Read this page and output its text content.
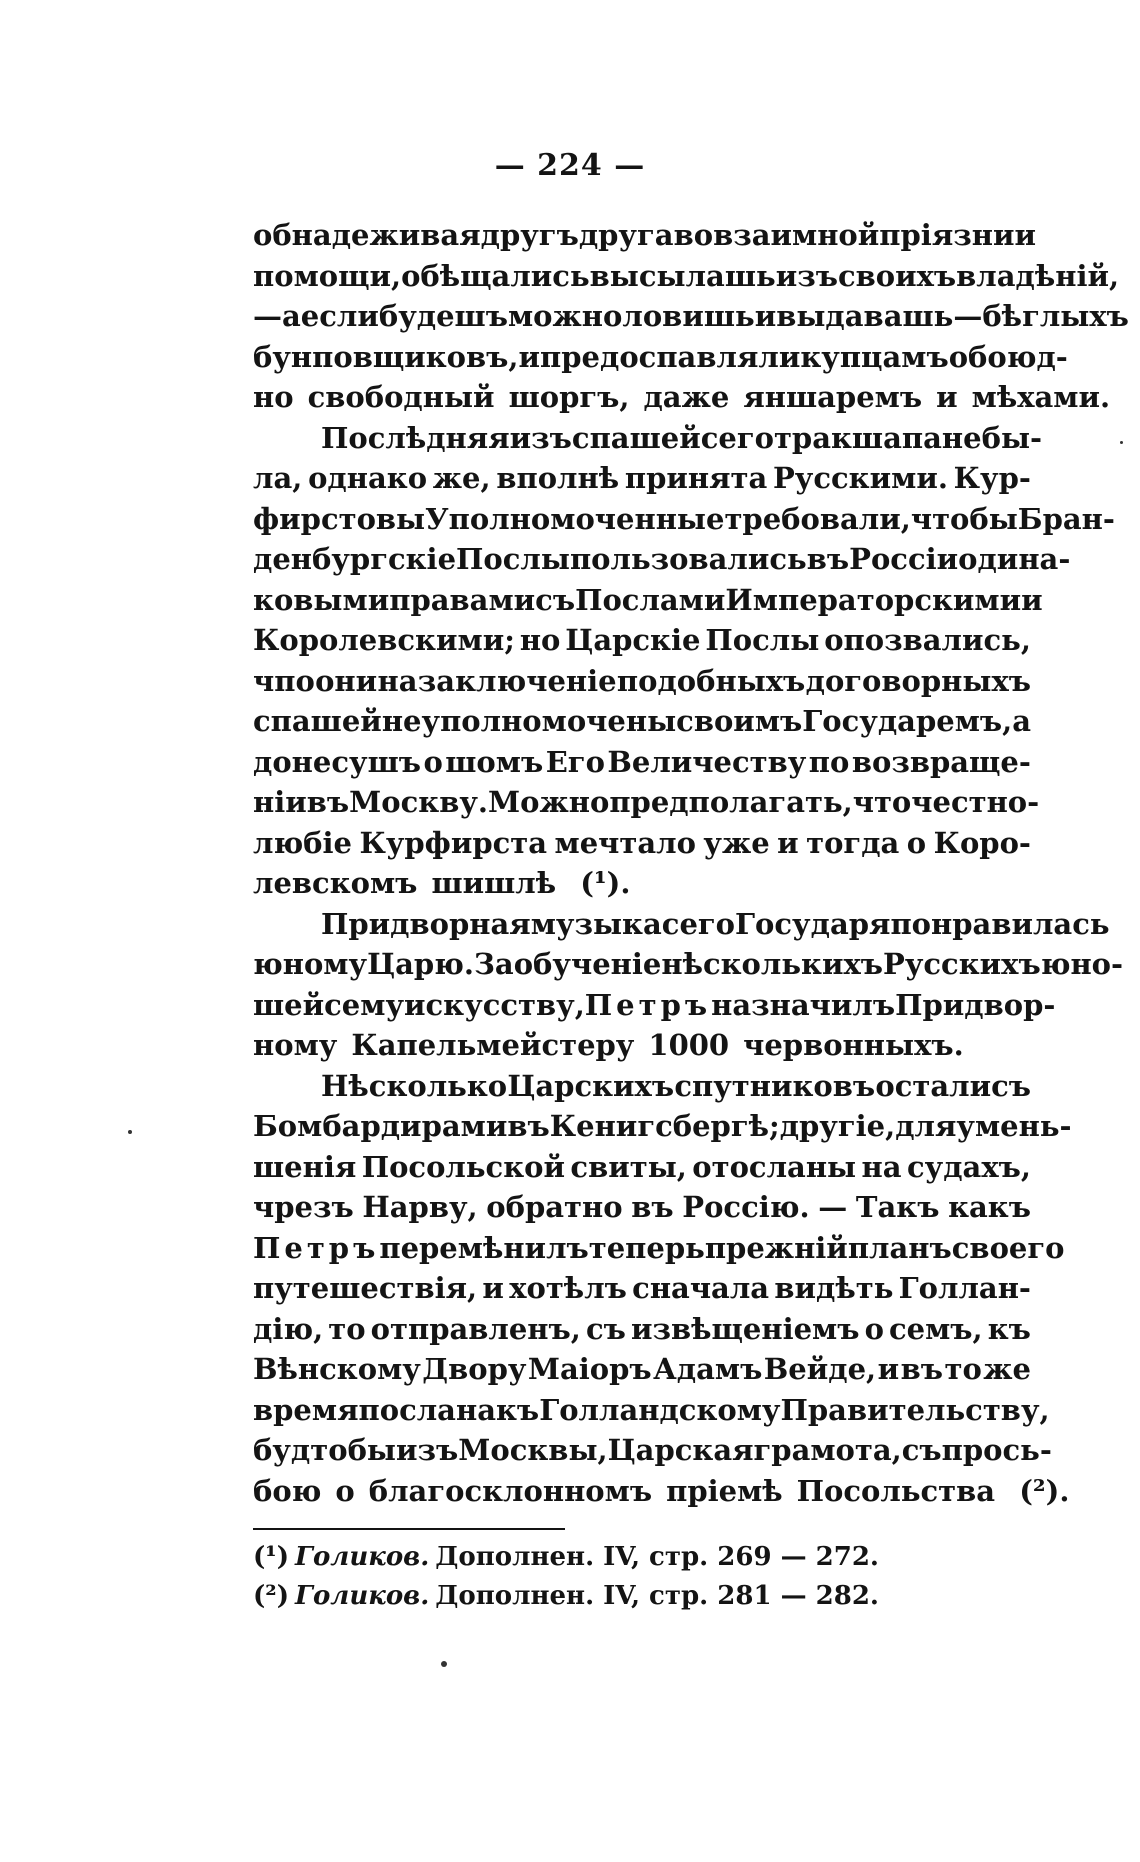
— 224 —
обнадеживая другъ друга во взаимной пріязни и
помощи, обѣщались высылашь изъ своихъ владѣній,
—а если будешъ можно ловишь и выдавашь—бѣглыхъ
бунповщиковъ, и предоспавляли купцамъ обоюд-
но свободный шоргъ, даже яншаремъ и мѣхами.
Послѣдняя изъ спашей сего тракшапа не бы-
ла, однако же, вполнѣ принята Русскими. Кур-
фирстовы Уполномоченные требовали, чтобы Бран-
денбургскіе Послы пользовались въ Россіи одина-
ковыми правами съ Послами Императорскими и
Королевскими; но Царскіе Послы опозвались,
чпо они на заключеніе подобныхъ договорныхъ
спашей не уполномочены своимъ Государемъ, а
донесушъ о шомъ Его Величеству по возвраще-
ніи въ Москву. Можно предполагать, что честно-
любіе Курфирста мечтало уже и тогда о Коро-
левскомъ шишлѣ (¹).
Придворная музыка сего Государя понравилась
юному Царю. За обученіе нѣсколькихъ Русскихъ юно-
шей сему искусству, Петръ назначилъ Придвор-
ному Капельмейстеру 1000 червонныхъ.
Нѣсколько Царскихъ спутниковъ осталисъ
Бомбардирами въ Кенигсбергѣ; другіе, для умень-
шенія Посольской свиты, отосланы на судахъ,
чрезъ Нарву, обратно въ Россію. — Такъ какъ
Петръ перемѣнилъ теперь прежній планъ своего
путешествія, и хотѣлъ сначала видѣть Голлан-
дію, то отправленъ, съ извѣщеніемъ о семъ, къ
Вѣнскому Двору Маіоръ Адамъ Вейде, и въ то же
время послана къ Голландскому Правительству,
будто бы изъ Москвы, Царская грамота, съ прось-
бою о благосклонномъ пріемѣ Посольства (²).
(¹) Голиков. Дополнен. IV, стр. 269 — 272.
(²) Голиков. Дополнен. IV, стр. 281 — 282.
